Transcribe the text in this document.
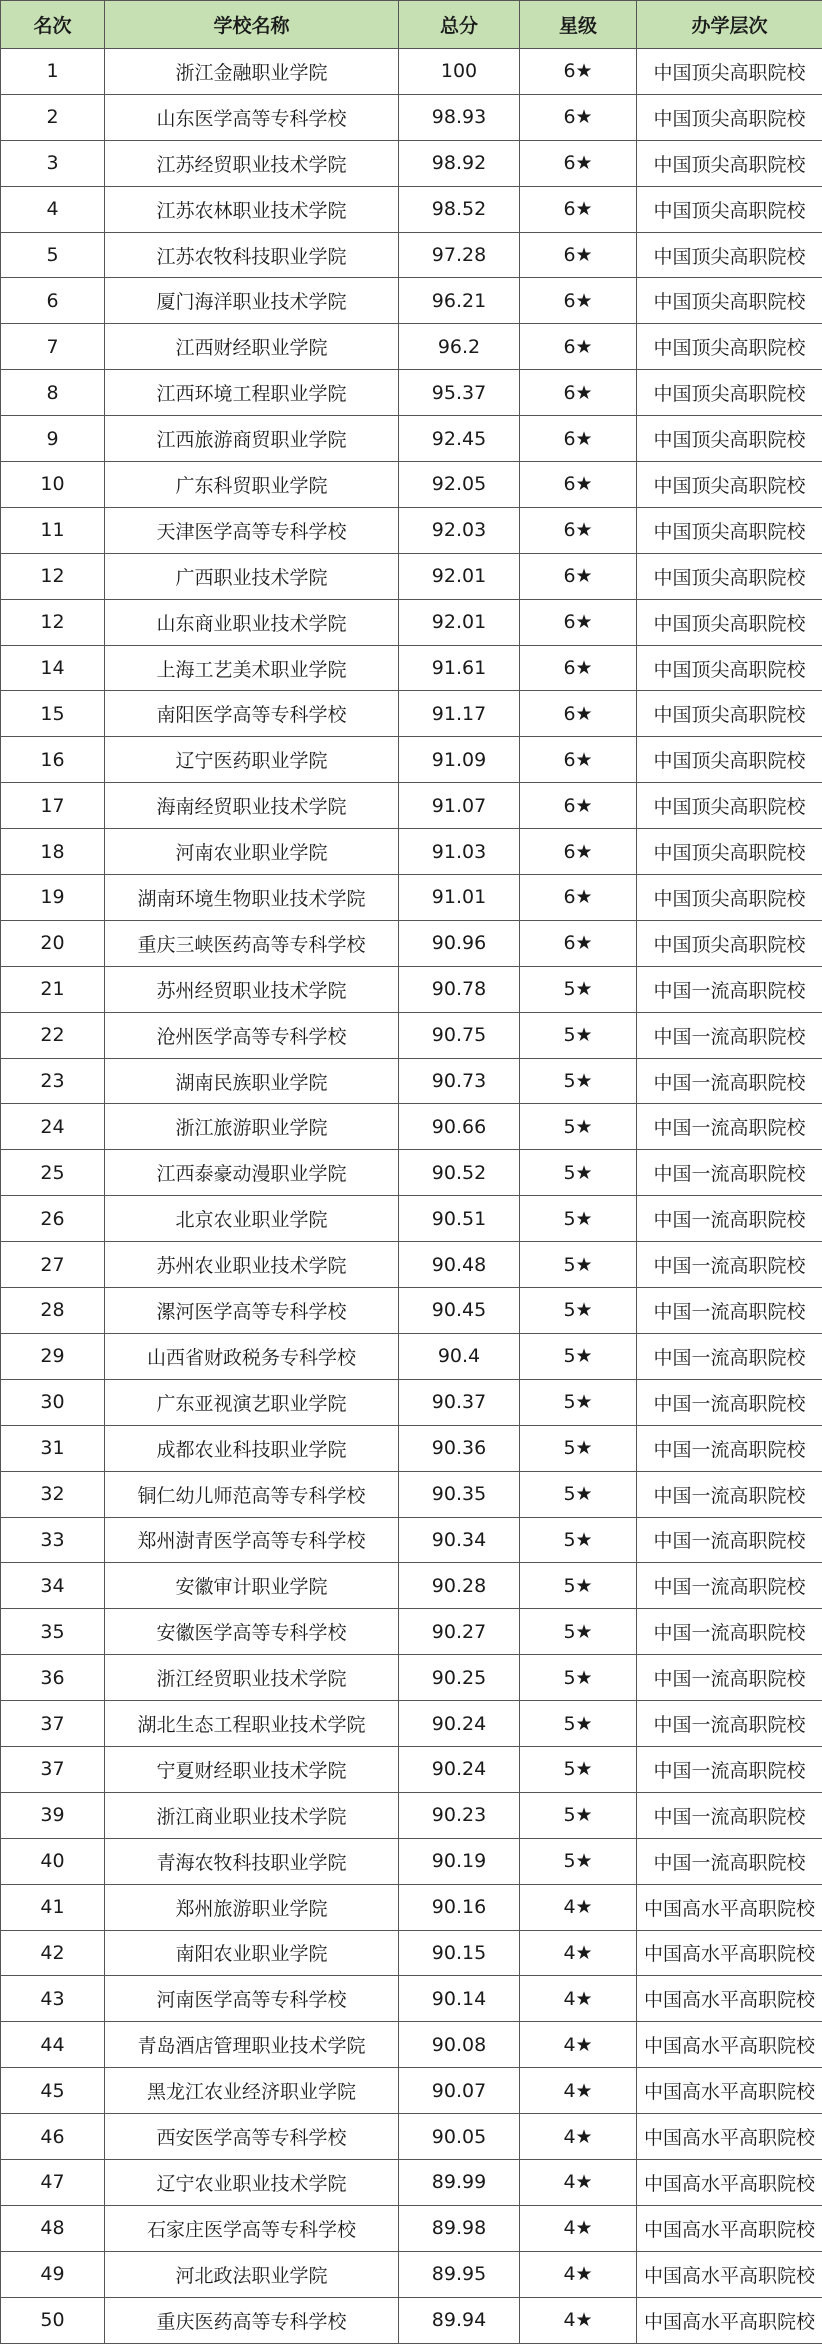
名次	学校名称	总分	星级	办学层次
1	浙江金融职业学院	100	6★	中国顶尖高职院校
2	山东医学高等专科学校	98.93	6★	中国顶尖高职院校
3	江苏经贸职业技术学院	98.92	6★	中国顶尖高职院校
4	江苏农林职业技术学院	98.52	6★	中国顶尖高职院校
5	江苏农牧科技职业学院	97.28	6★	中国顶尖高职院校
6	厦门海洋职业技术学院	96.21	6★	中国顶尖高职院校
7	江西财经职业学院	96.2	6★	中国顶尖高职院校
8	江西环境工程职业学院	95.37	6★	中国顶尖高职院校
9	江西旅游商贸职业学院	92.45	6★	中国顶尖高职院校
10	广东科贸职业学院	92.05	6★	中国顶尖高职院校
11	天津医学高等专科学校	92.03	6★	中国顶尖高职院校
12	广西职业技术学院	92.01	6★	中国顶尖高职院校
12	山东商业职业技术学院	92.01	6★	中国顶尖高职院校
14	上海工艺美术职业学院	91.61	6★	中国顶尖高职院校
15	南阳医学高等专科学校	91.17	6★	中国顶尖高职院校
16	辽宁医药职业学院	91.09	6★	中国顶尖高职院校
17	海南经贸职业技术学院	91.07	6★	中国顶尖高职院校
18	河南农业职业学院	91.03	6★	中国顶尖高职院校
19	湖南环境生物职业技术学院	91.01	6★	中国顶尖高职院校
20	重庆三峡医药高等专科学校	90.96	6★	中国顶尖高职院校
21	苏州经贸职业技术学院	90.78	5★	中国一流高职院校
22	沧州医学高等专科学校	90.75	5★	中国一流高职院校
23	湖南民族职业学院	90.73	5★	中国一流高职院校
24	浙江旅游职业学院	90.66	5★	中国一流高职院校
25	江西泰豪动漫职业学院	90.52	5★	中国一流高职院校
26	北京农业职业学院	90.51	5★	中国一流高职院校
27	苏州农业职业技术学院	90.48	5★	中国一流高职院校
28	漯河医学高等专科学校	90.45	5★	中国一流高职院校
29	山西省财政税务专科学校	90.4	5★	中国一流高职院校
30	广东亚视演艺职业学院	90.37	5★	中国一流高职院校
31	成都农业科技职业学院	90.36	5★	中国一流高职院校
32	铜仁幼儿师范高等专科学校	90.35	5★	中国一流高职院校
33	郑州澍青医学高等专科学校	90.34	5★	中国一流高职院校
34	安徽审计职业学院	90.28	5★	中国一流高职院校
35	安徽医学高等专科学校	90.27	5★	中国一流高职院校
36	浙江经贸职业技术学院	90.25	5★	中国一流高职院校
37	湖北生态工程职业技术学院	90.24	5★	中国一流高职院校
37	宁夏财经职业技术学院	90.24	5★	中国一流高职院校
39	浙江商业职业技术学院	90.23	5★	中国一流高职院校
40	青海农牧科技职业学院	90.19	5★	中国一流高职院校
41	郑州旅游职业学院	90.16	4★	中国高水平高职院校
42	南阳农业职业学院	90.15	4★	中国高水平高职院校
43	河南医学高等专科学校	90.14	4★	中国高水平高职院校
44	青岛酒店管理职业技术学院	90.08	4★	中国高水平高职院校
45	黑龙江农业经济职业学院	90.07	4★	中国高水平高职院校
46	西安医学高等专科学校	90.05	4★	中国高水平高职院校
47	辽宁农业职业技术学院	89.99	4★	中国高水平高职院校
48	石家庄医学高等专科学校	89.98	4★	中国高水平高职院校
49	河北政法职业学院	89.95	4★	中国高水平高职院校
50	重庆医药高等专科学校	89.94	4★	中国高水平高职院校
